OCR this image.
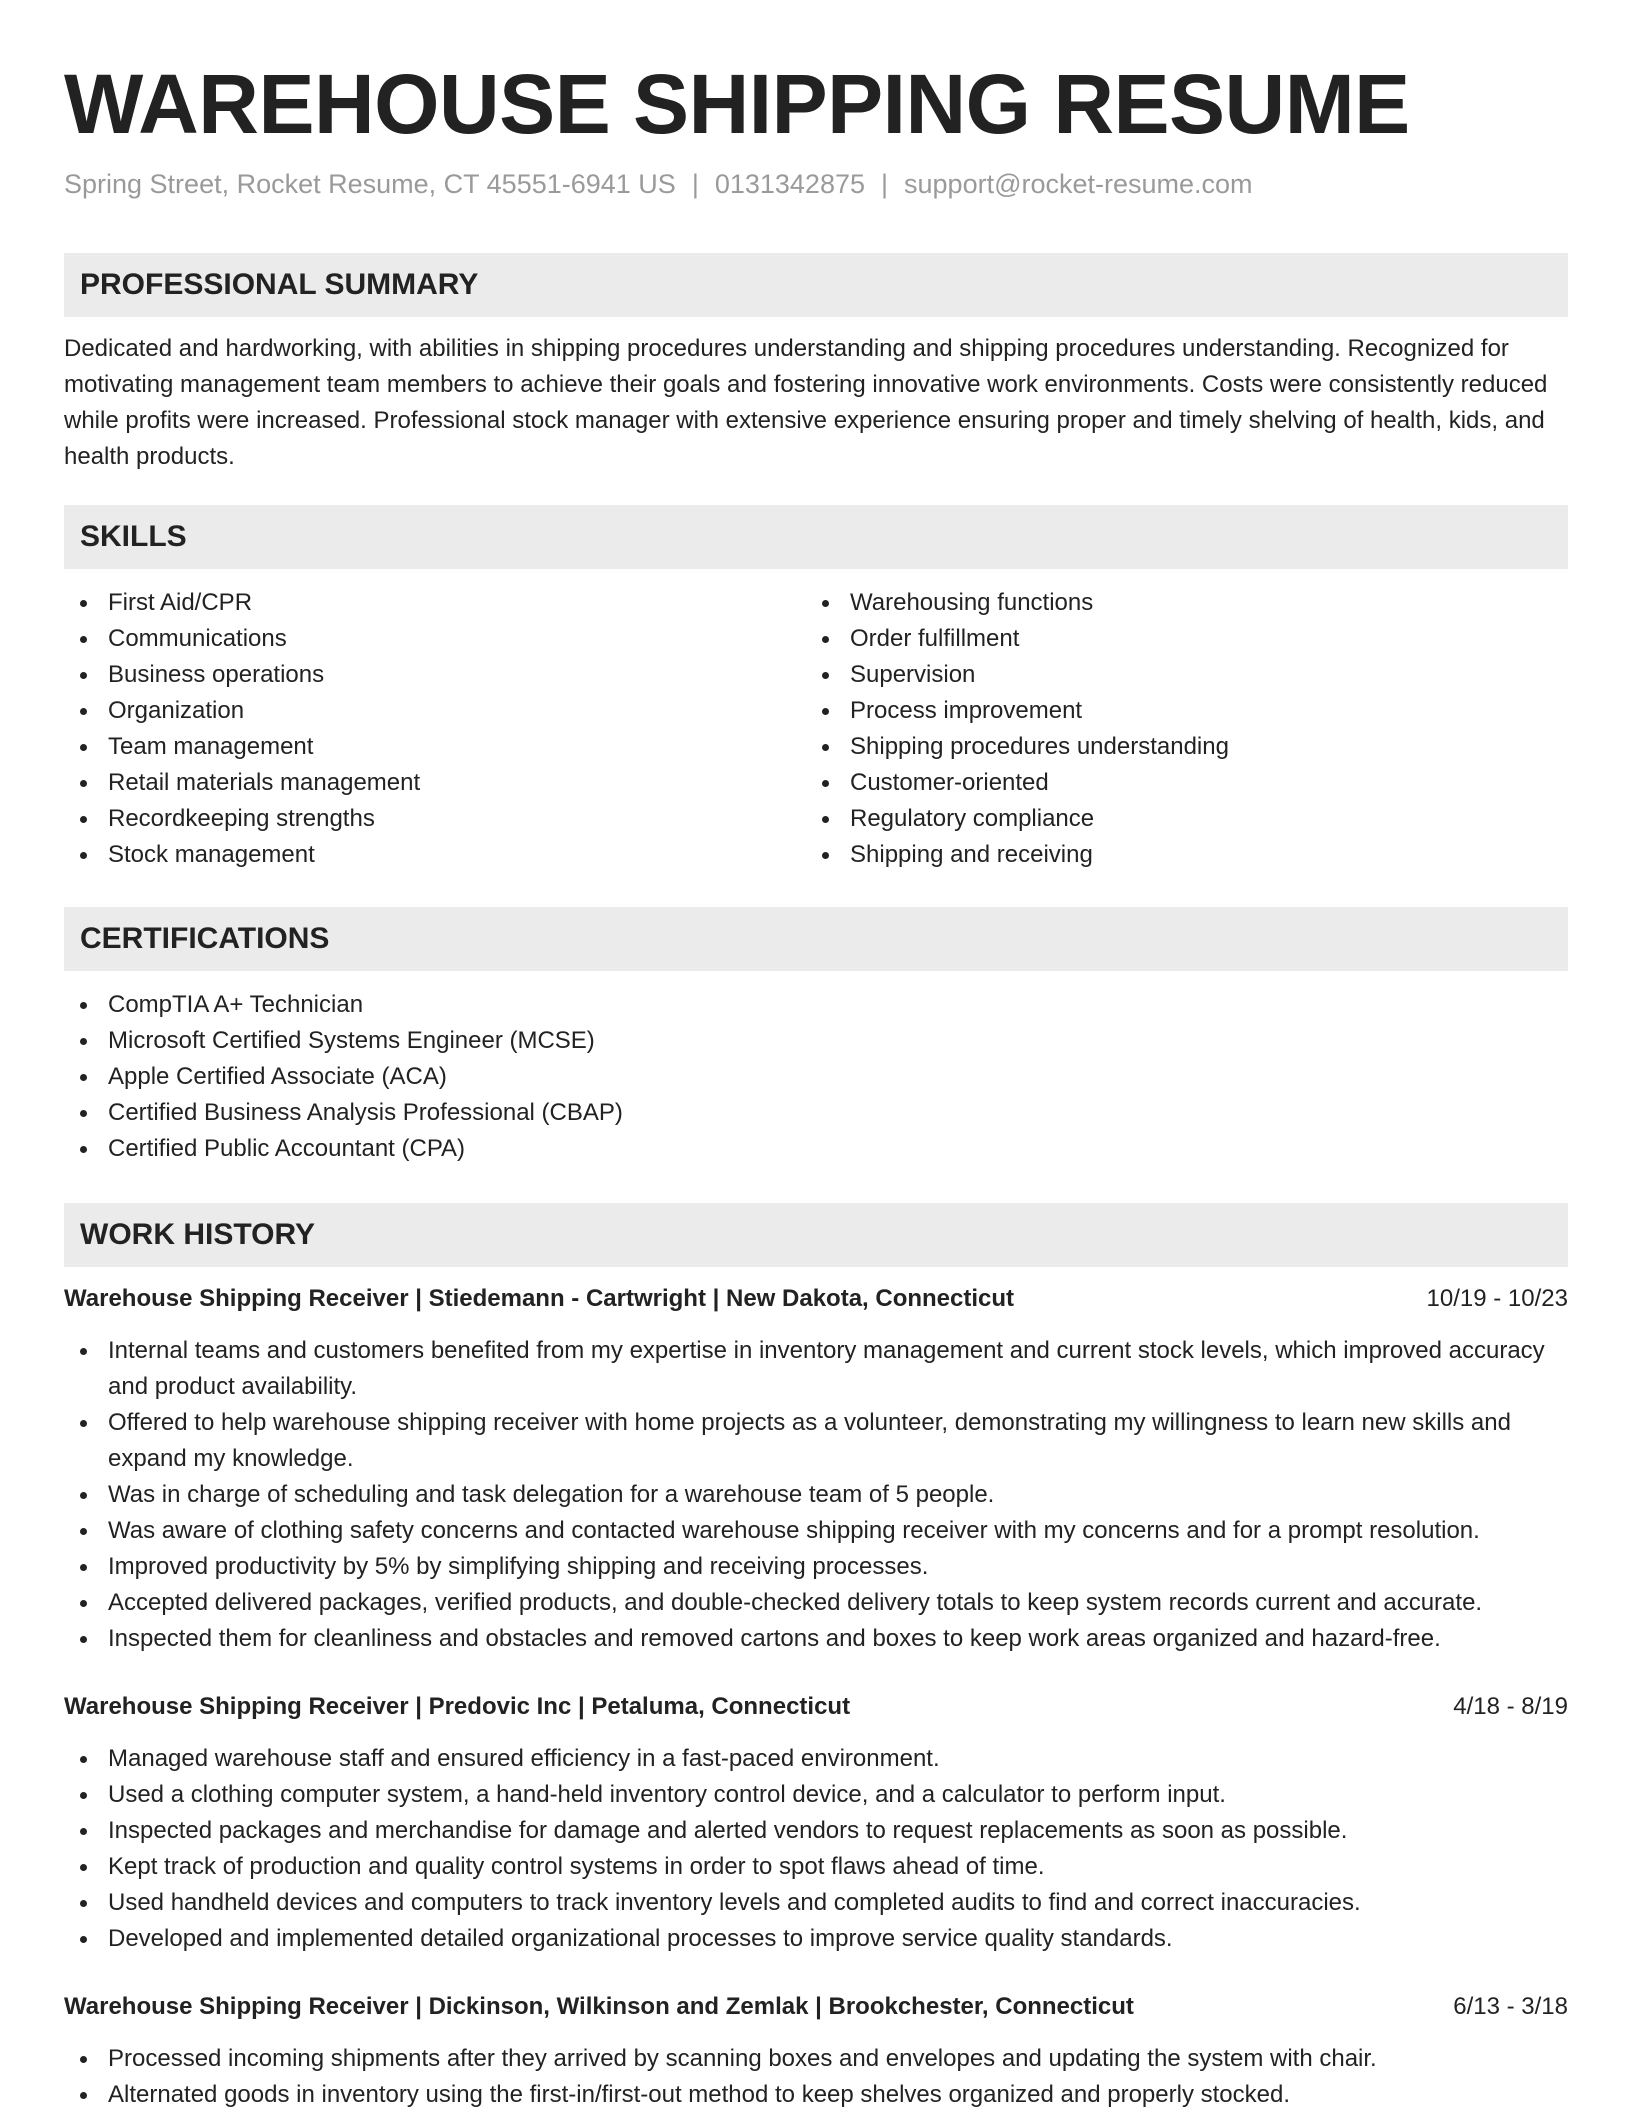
WAREHOUSE SHIPPING RESUME
Spring Street, Rocket Resume, CT 45551-6941 US | 0131342875 | support@rocket-resume.com
PROFESSIONAL SUMMARY

Dedicated and hardworking, with abilities in shipping procedures understanding and shipping procedures understanding. Recognized for motivating management team members to achieve their goals and fostering innovative work environments. Costs were consistently reduced while profits were increased. Professional stock manager with extensive experience ensuring proper and timely shelving of health, kids, and health products.

SKILLS
First Aid/CPR
Communications
Business operations
Organization
Team management
Retail materials management
Recordkeeping strengths
Stock management
Warehousing functions
Order fulfillment
Supervision
Process improvement
Shipping procedures understanding
Customer-oriented
Regulatory compliance
Shipping and receiving
CERTIFICATIONS
CompTIA A+ Technician
Microsoft Certified Systems Engineer (MCSE)
Apple Certified Associate (ACA)
Certified Business Analysis Professional (CBAP)
Certified Public Accountant (CPA)
WORK HISTORY
Warehouse Shipping Receiver | Stiedemann - Cartwright | New Dakota, Connecticut	10/19 - 10/23
Internal teams and customers benefited from my expertise in inventory management and current stock levels, which improved accuracy and product availability.
Offered to help warehouse shipping receiver with home projects as a volunteer, demonstrating my willingness to learn new skills and expand my knowledge.
Was in charge of scheduling and task delegation for a warehouse team of 5 people.
Was aware of clothing safety concerns and contacted warehouse shipping receiver with my concerns and for a prompt resolution.
Improved productivity by 5% by simplifying shipping and receiving processes.
Accepted delivered packages, verified products, and double-checked delivery totals to keep system records current and accurate.
Inspected them for cleanliness and obstacles and removed cartons and boxes to keep work areas organized and hazard-free.
Warehouse Shipping Receiver | Predovic Inc | Petaluma, Connecticut	4/18 - 8/19
Managed warehouse staff and ensured efficiency in a fast-paced environment.
Used a clothing computer system, a hand-held inventory control device, and a calculator to perform input.
Inspected packages and merchandise for damage and alerted vendors to request replacements as soon as possible.
Kept track of production and quality control systems in order to spot flaws ahead of time.
Used handheld devices and computers to track inventory levels and completed audits to find and correct inaccuracies.
Developed and implemented detailed organizational processes to improve service quality standards.
Warehouse Shipping Receiver | Dickinson, Wilkinson and Zemlak | Brookchester, Connecticut	6/13 - 3/18
Processed incoming shipments after they arrived by scanning boxes and envelopes and updating the system with chair.
Alternated goods in inventory using the first-in/first-out method to keep shelves organized and properly stocked.
